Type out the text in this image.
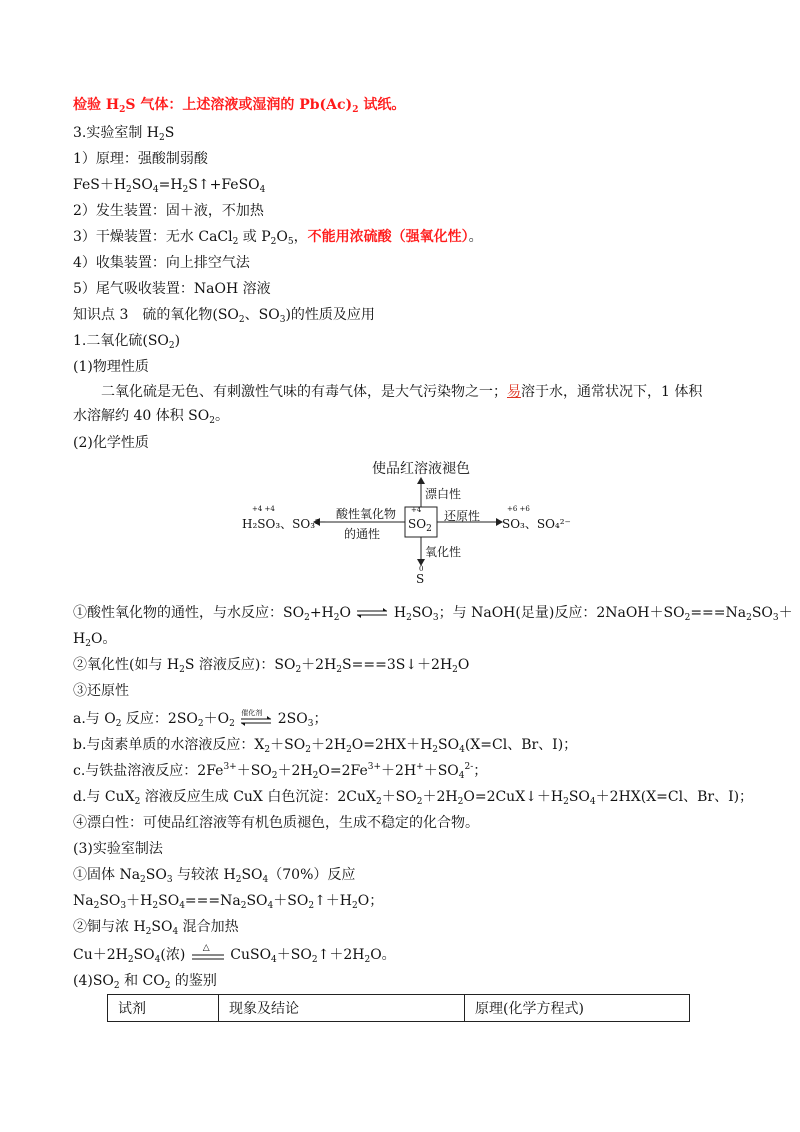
检验 $H_2S$ 气体：上述溶液或湿润的 $Pb(Ac)_2$ 试纸。
3.实验室制 $H_2S$
1）原理：强酸制弱酸
$FeS+H_2SO_4=H_2S↑+FeSO_4$
2）发生装置：固＋液，不加热
3）干燥装置：无水 CaCl$_2$ 或 $P_2O_5$，不能用浓硫酸（强氧化性）。
4）收集装置：向上排空气法
5）尾气吸收装置：NaOH 溶液
知识点 3　硫的氧化物($SO_2$、$SO_3$)的性质及应用
1.二氧化硫$(SO_2)$
(1)物理性质
二氧化硫是无色、有刺激性气味的有毒气体，是大气污染物之一；易溶于水，通常状况下，1 体积水溶解约 40 体积 $SO_2$。
(2)化学性质
使品红溶液褪色
漂白性
酸性氧化物
的通性
还原性
氧化性
+4
$SO_2$
+4 +4
H₂SO₃、SO₃²⁻
+6 +6
SO₃、SO₄²⁻
0
S
①酸性氧化物的通性，与水反应：$SO_2+H_2O$ ⇌ $H_2SO_3$；与 NaOH(足量)反应：$2NaOH+SO_2===Na_2SO_3+$
$H_2O$。
②氧化性(如与 $H_2S$ 溶液反应)：$SO_2+2H_2S===3S↓+2H_2O$
③还原性
a.与 $O_2$ 反应：$2SO_2+O_2$
催化剂 $2SO_3$；
b.与卤素单质的水溶液反应：$X_2+SO_2+2H_2O=2HX+H_2SO_4(X=Cl$、Br、I)；
c.与铁盐溶液反应：$2Fe^{3+}+SO_2+2H_2O=2Fe^{3+}+2H^++SO_4^{2-}$；
d.与 CuX$_2$ 溶液反应生成 CuX 白色沉淀：$2CuX_2+SO_2+2H_2O=2CuX↓+H_2SO_4+2HX(X=Cl$、Br、I)；
④漂白性：可使品红溶液等有机色质褪色，生成不稳定的化合物。
(3)实验室制法
①固体 $Na_2SO_3$ 与较浓 $H_2SO_4(70\%)$反应
$Na_2SO_3+H_2SO_4===Na_2SO_4+SO_2↑+H_2O$；
②铜与浓 $H_2SO_4$ 混合加热
$Cu+2H_2SO_4$(浓) △ $CuSO_4+SO_2↑+2H_2O$。
$(4)SO_2$ 和 $CO_2$ 的鉴别
试剂	现象及结论	原理(化学方程式)
